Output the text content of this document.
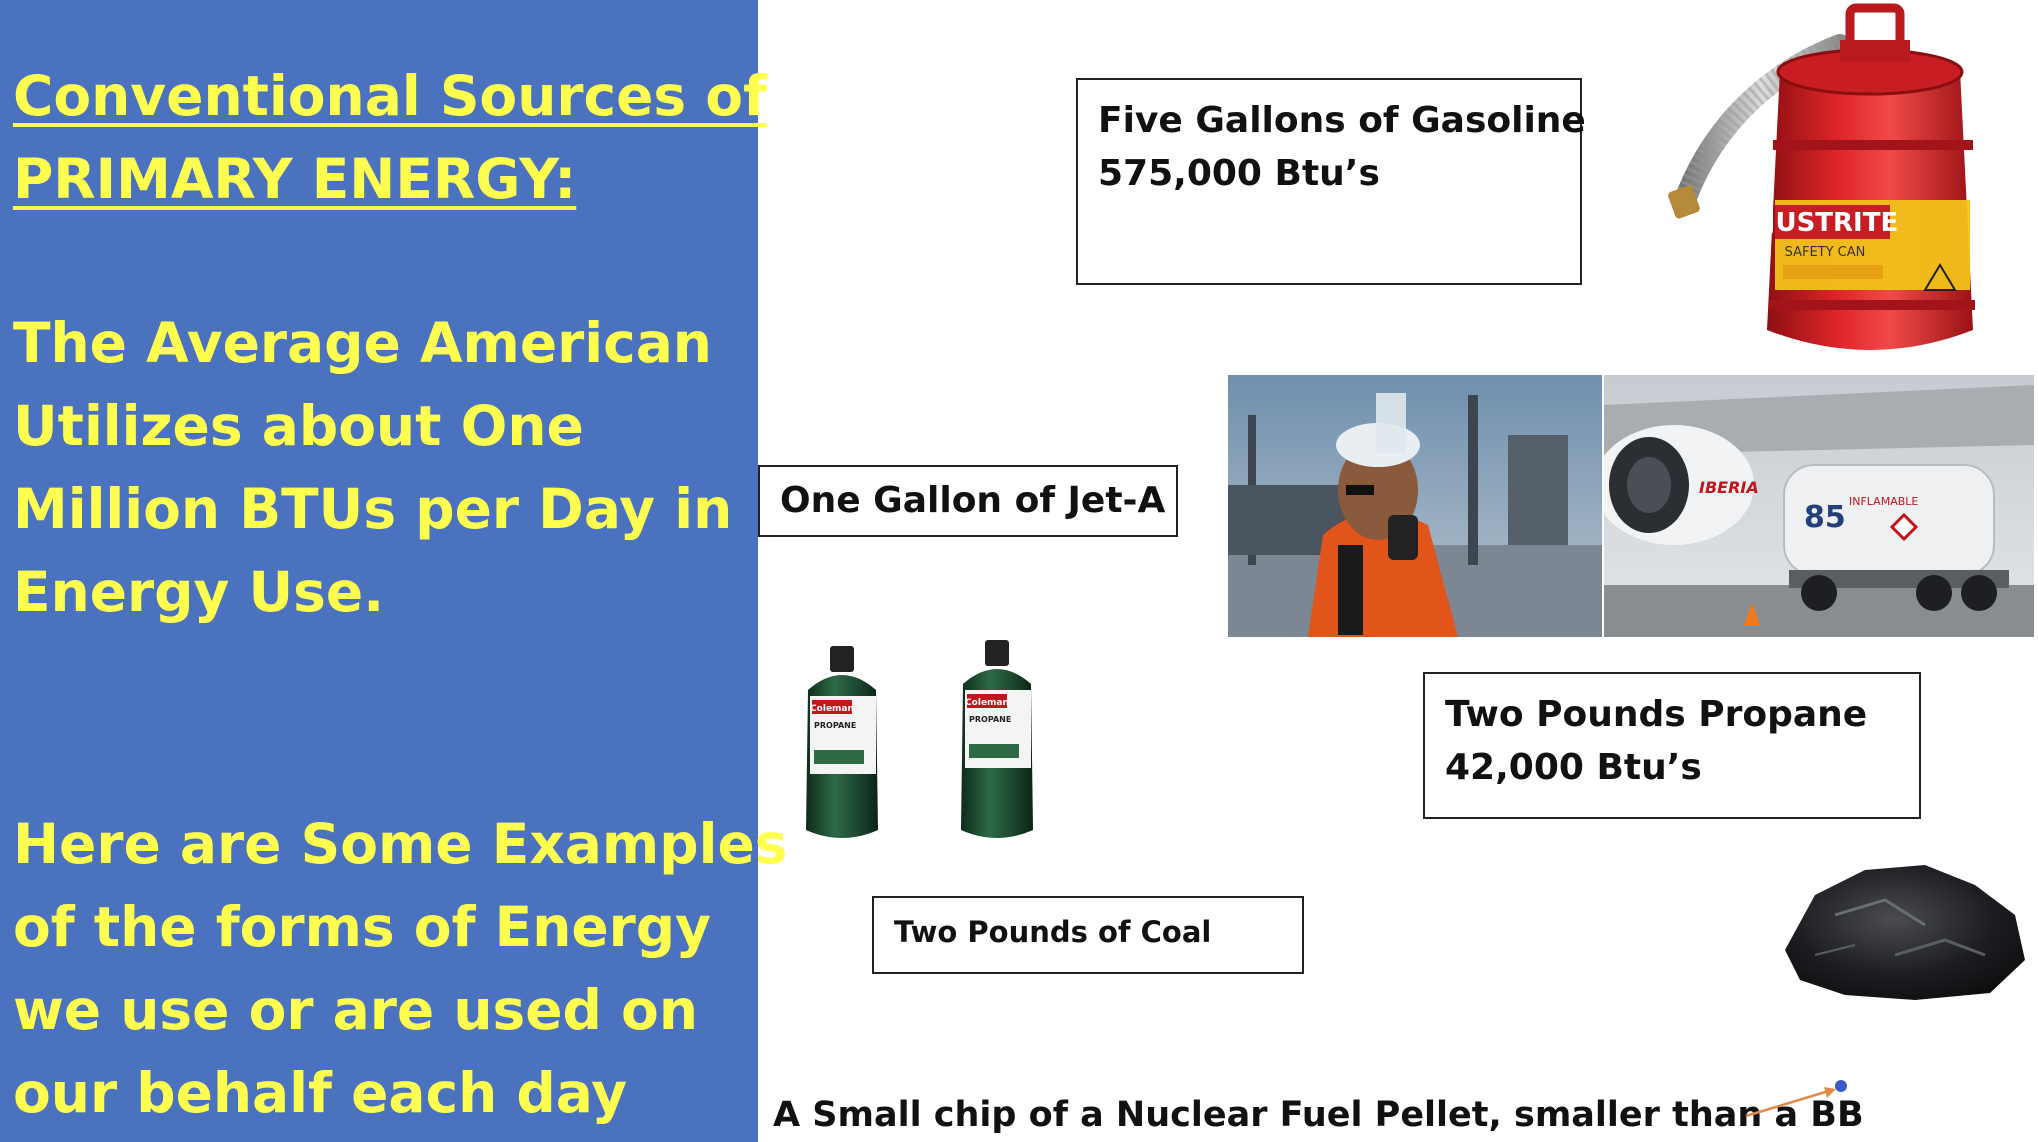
Conventional Sources of
PRIMARY ENERGY:
The Average American
Utilizes about One
Million BTUs per Day in
Energy Use.
Here are Some Examples
of the forms of Energy
we use or are used on
our behalf each day
Five Gallons of Gasoline
575,000 Btu’s
One Gallon of Jet-A
Two Pounds Propane
42,000 Btu’s
Two Pounds of Coal
A Small chip of a Nuclear Fuel Pellet, smaller than a BB
JUSTRITE
SAFETY CAN
IBERIA
85 INFLAMABLE
Coleman
PROPANE
Coleman
PROPANE
